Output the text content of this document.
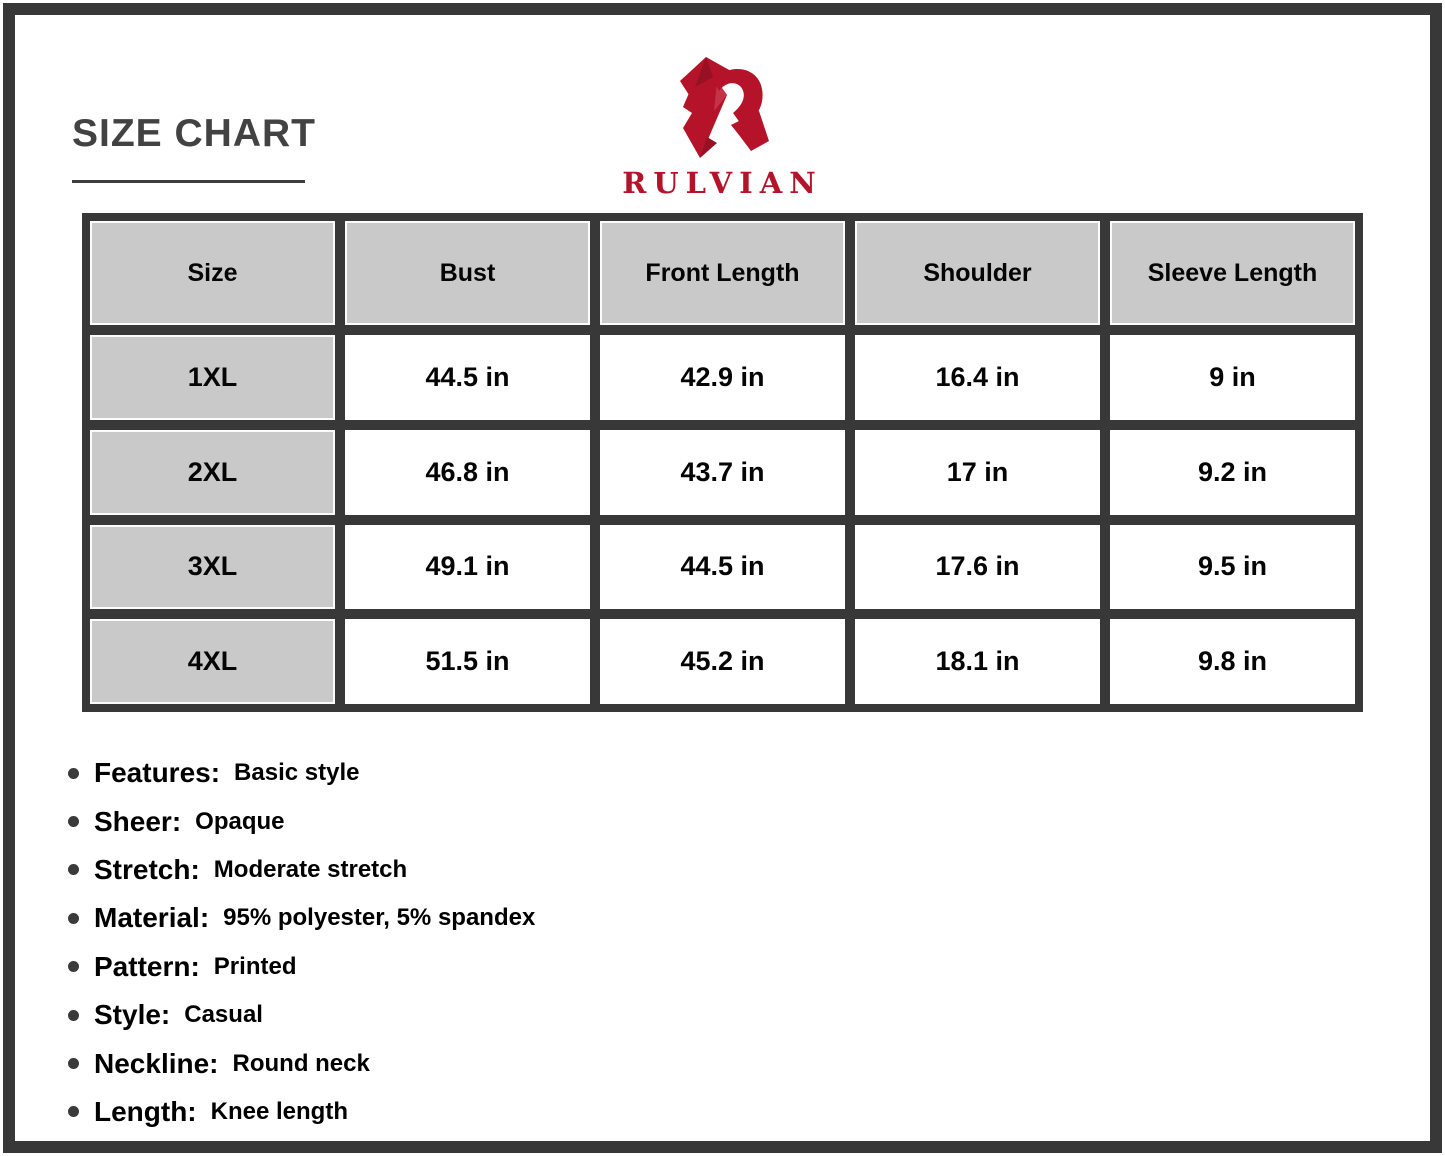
SIZE CHART
RULVIAN
Size	Bust	Front Length	Shoulder	Sleeve Length
1XL	44.5 in	42.9 in	16.4 in	9 in
2XL	46.8 in	43.7 in	17 in	9.2 in
3XL	49.1 in	44.5 in	17.6 in	9.5 in
4XL	51.5 in	45.2 in	18.1 in	9.8 in
Features: Basic style
Sheer: Opaque
Stretch: Moderate stretch
Material: 95% polyester, 5% spandex
Pattern: Printed
Style: Casual
Neckline: Round neck
Length: Knee length
